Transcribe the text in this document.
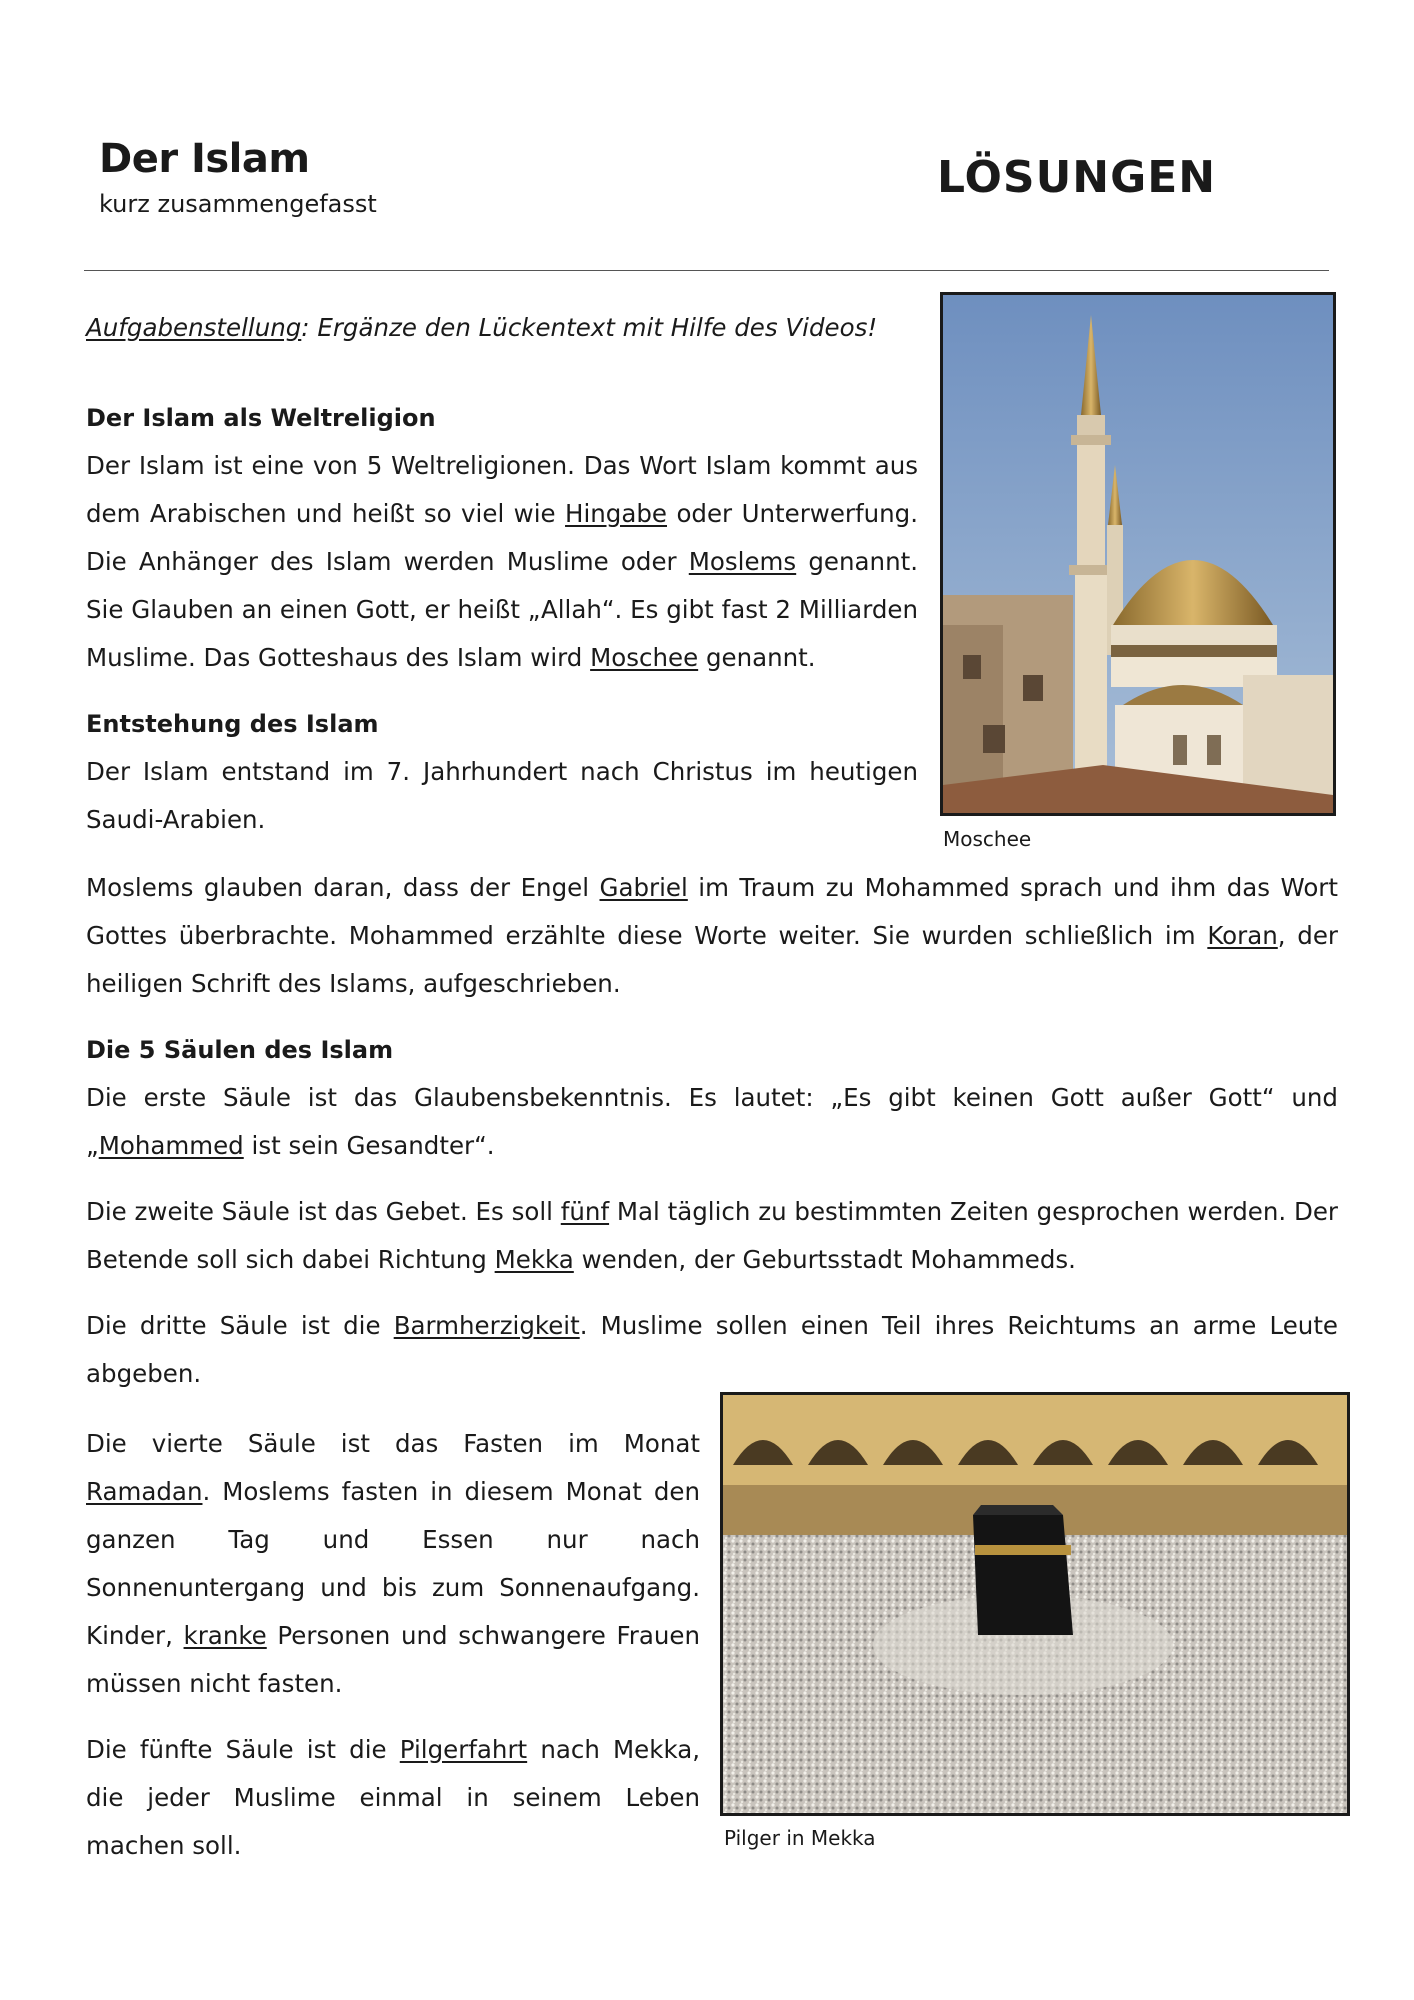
Der Islam
kurz zusammengefasst
LÖSUNGEN

Aufgabenstellung: Ergänze den Lückentext mit Hilfe des Videos!

Der Islam als Weltreligion

Der Islam ist eine von 5 Weltreligionen. Das Wort Islam kommt aus dem Arabischen und heißt so viel wie Hingabe oder Unterwerfung. Die Anhänger des Islam werden Muslime oder Moslems genannt. Sie Glauben an einen Gott, er heißt „Allah“. Es gibt fast 2 Milliarden Muslime. Das Gotteshaus des Islam wird Moschee genannt.

Entstehung des Islam

Der Islam entstand im 7. Jahrhundert nach Christus im heutigen Saudi-Arabien.

Moschee

Moslems glauben daran, dass der Engel Gabriel im Traum zu Mohammed sprach und ihm das Wort Gottes überbrachte. Mohammed erzählte diese Worte weiter. Sie wurden schließlich im Koran, der heiligen Schrift des Islams, aufgeschrieben.

Die 5 Säulen des Islam

Die erste Säule ist das Glaubensbekenntnis. Es lautet: „Es gibt keinen Gott außer Gott“ und „Mohammed ist sein Gesandter“.

Die zweite Säule ist das Gebet. Es soll fünf Mal täglich zu bestimmten Zeiten gesprochen werden. Der Betende soll sich dabei Richtung Mekka wenden, der Geburtsstadt Mohammeds.

Die dritte Säule ist die Barmherzigkeit. Muslime sollen einen Teil ihres Reichtums an arme Leute abgeben.

Die vierte Säule ist das Fasten im Monat Ramadan. Moslems fasten in diesem Monat den ganzen Tag und Essen nur nach Sonnenuntergang und bis zum Sonnenaufgang. Kinder, kranke Personen und schwangere Frauen müssen nicht fasten.

Die fünfte Säule ist die Pilgerfahrt nach Mekka, die jeder Muslime einmal in seinem Leben machen soll.	Pilger in Mekka
